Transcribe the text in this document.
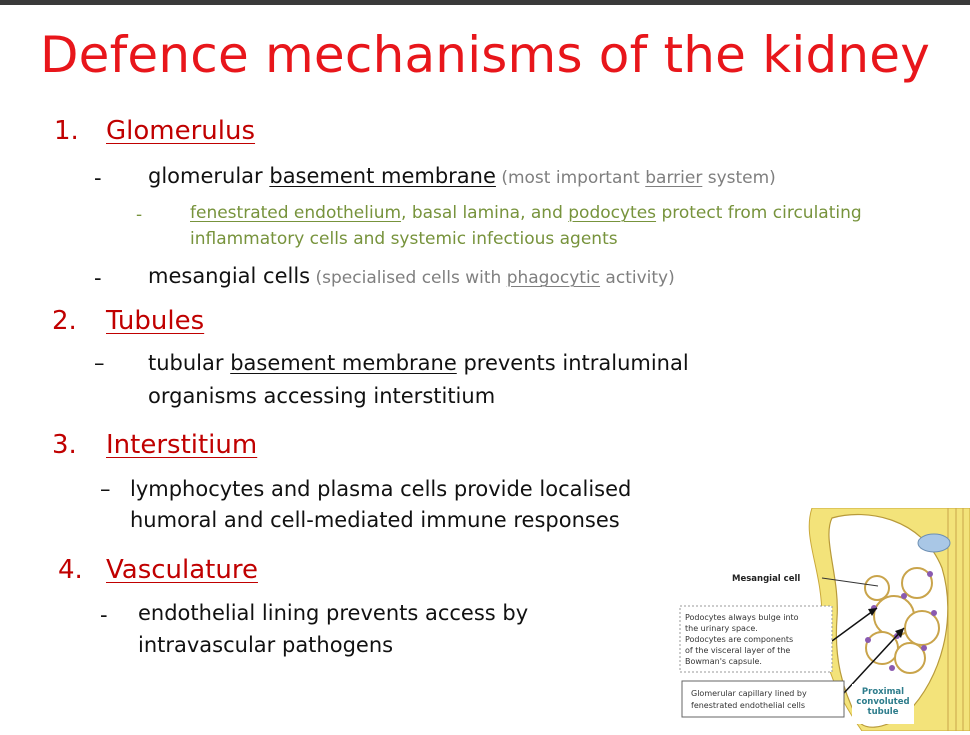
Defence mechanisms of the kidney
1. Glomerulus
- glomerular basement membrane (most important barrier system)
-	fenestrated endothelium, basal lamina, and podocytes protect from circulating
inflammatory cells and systemic infectious agents
- mesangial cells (specialised cells with phagocytic activity)
2. Tubules
– tubular basement membrane prevents intraluminal
organisms accessing interstitium
3. Interstitium
– lymphocytes and plasma cells provide localised
humoral and cell-mediated immune responses
4. Vasculature
- endothelial lining prevents access by
intravascular pathogens
Mesangial cell
Podocytes always bulge into
the urinary space.
Podocytes are components
of the visceral layer of the
Bowman's capsule.
Glomerular capillary lined by
fenestrated endothelial cells
Proximal
convoluted
tubule
